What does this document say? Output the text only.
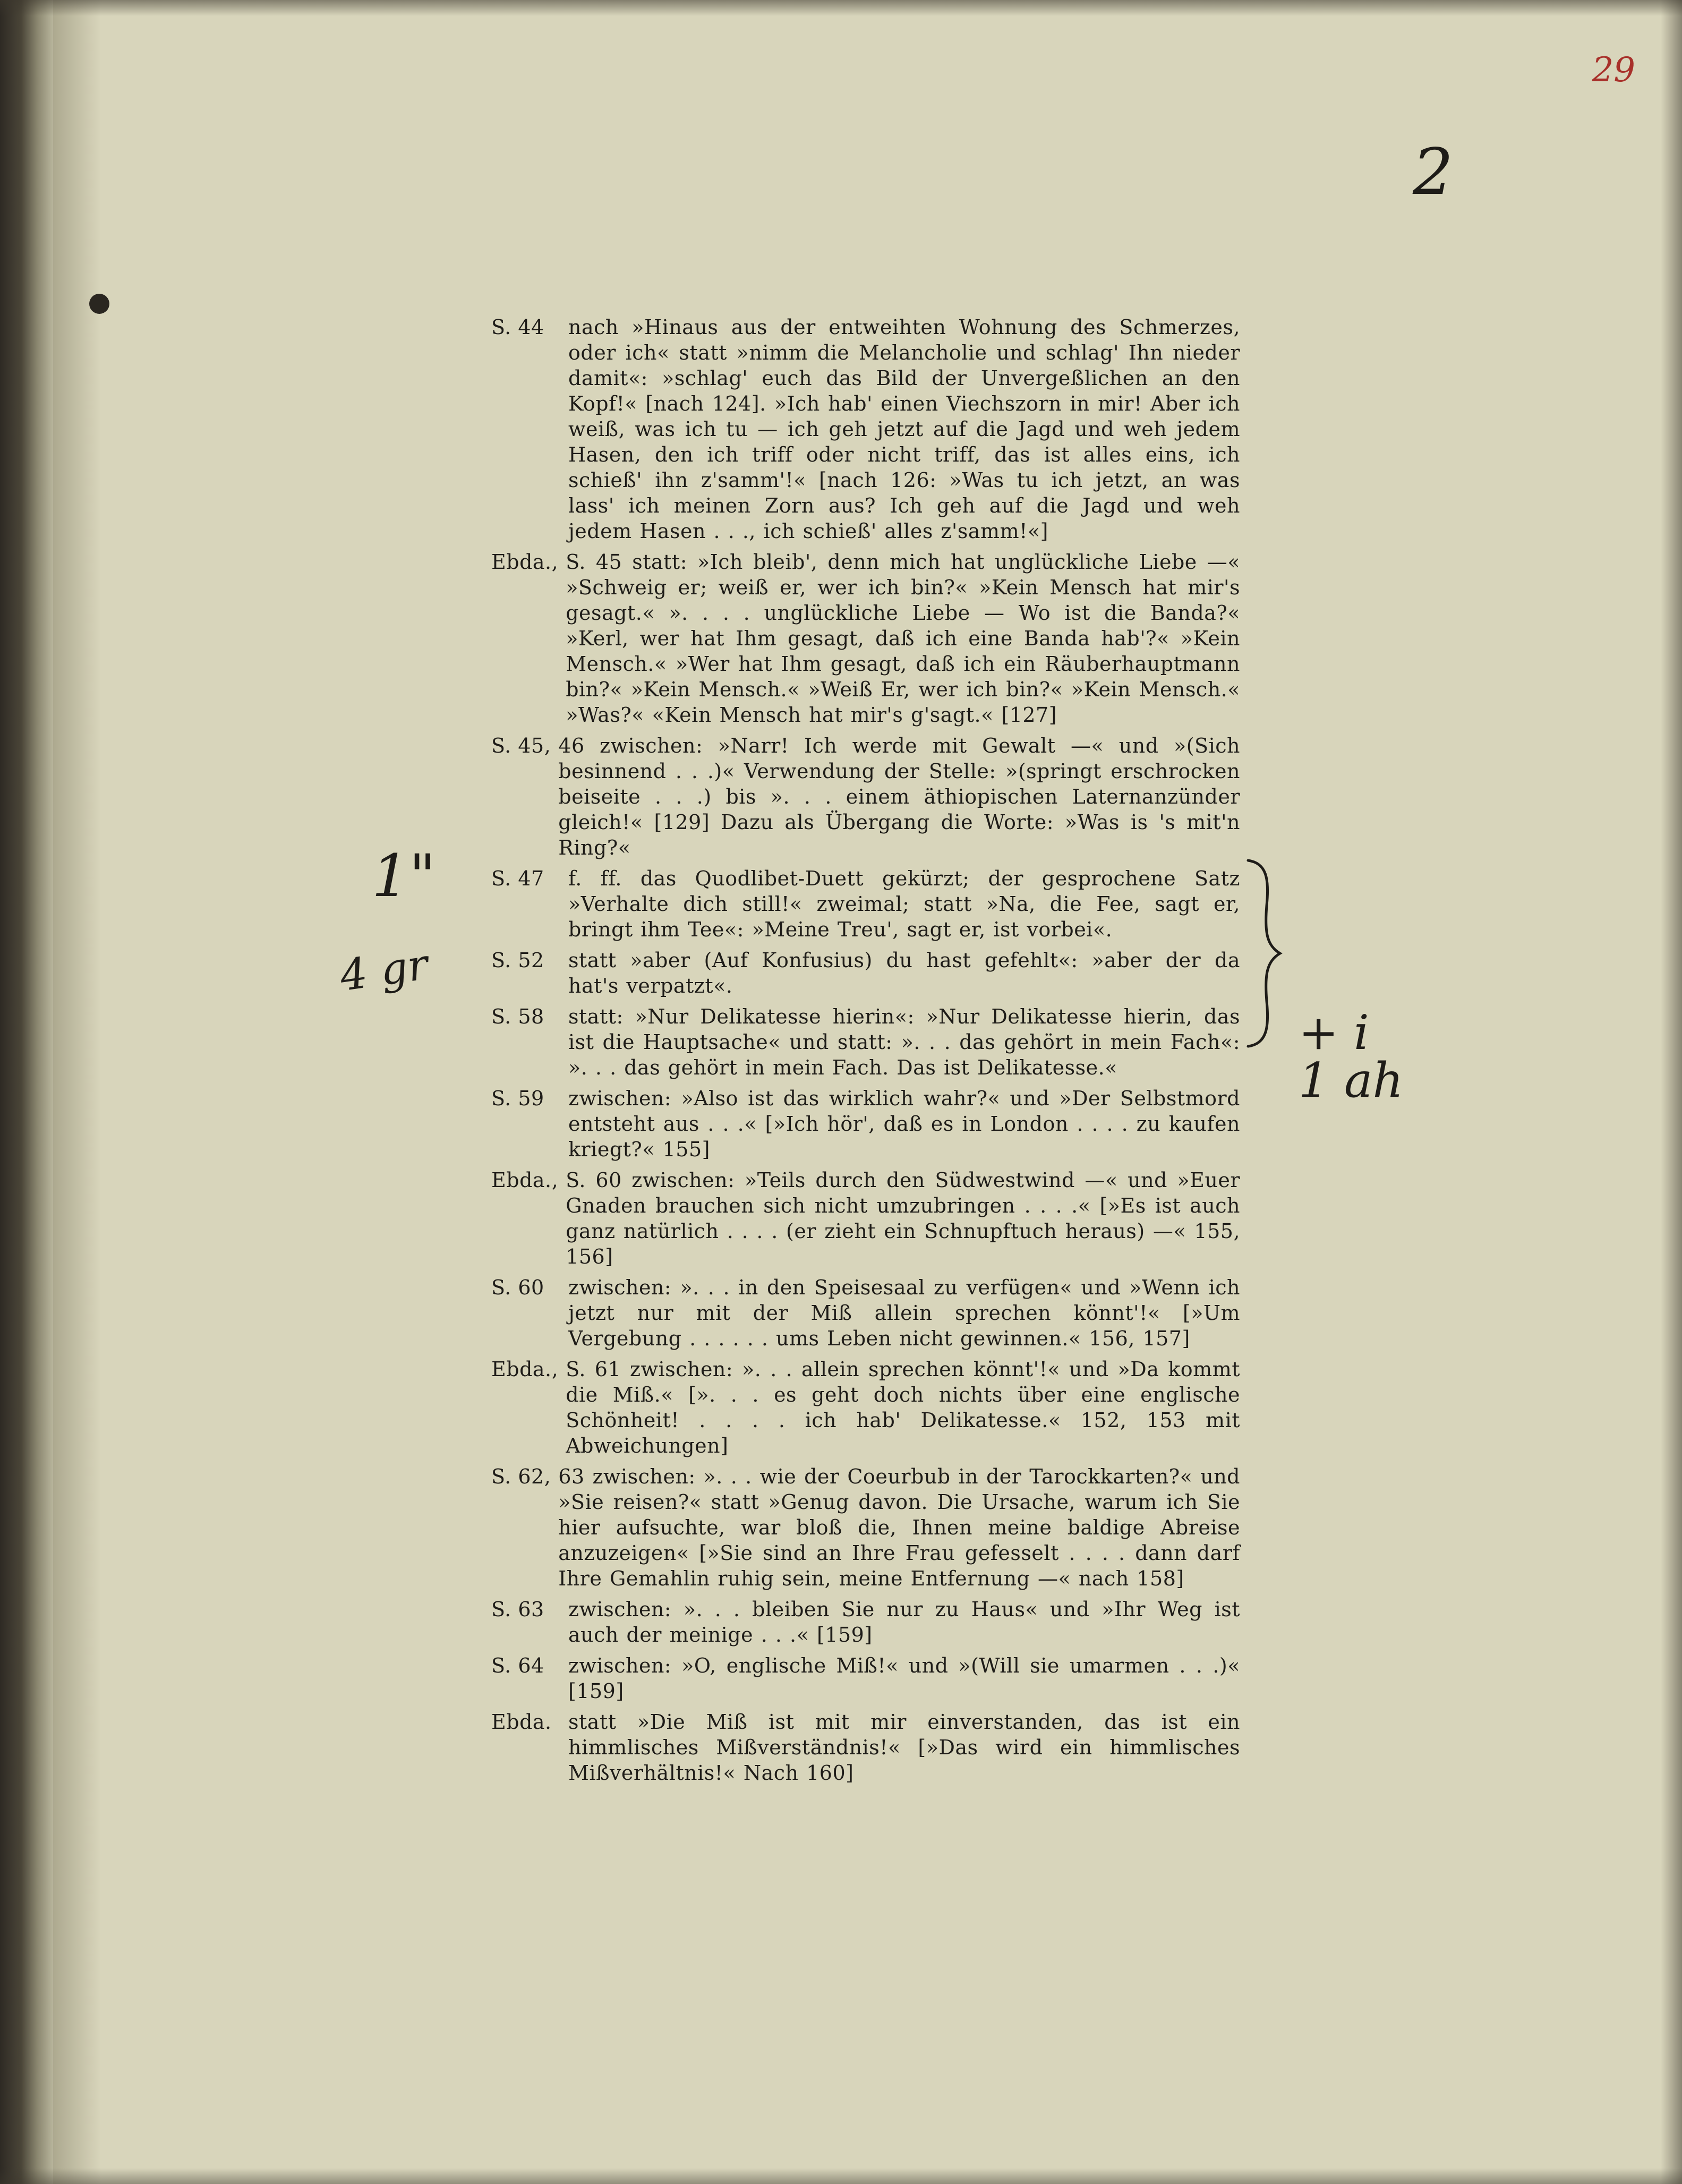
29
2
1"
4 gr
+ i
1 ah
S. 44	nach »Hinaus aus der entweihten Wohnung des Schmerzes, oder ich« statt »nimm die Melancholie und schlag' Ihn nieder damit«: »schlag' euch das Bild der Unvergeßlichen an den Kopf!« [nach 124]. »Ich hab' einen Viechszorn in mir! Aber ich weiß, was ich tu — ich geh jetzt auf die Jagd und weh jedem Hasen, den ich triff oder nicht triff, das ist alles eins, ich schieß' ihn z'samm'!« [nach 126: »Was tu ich jetzt, an was lass' ich meinen Zorn aus? Ich geh auf die Jagd und weh jedem Hasen . . ., ich schieß' alles z'samm!«]
Ebda., S. 45 statt: »Ich bleib', denn mich hat unglückliche Liebe —« »Schweig er; weiß er, wer ich bin?« »Kein Mensch hat mir's gesagt.« ». . . . unglückliche Liebe — Wo ist die Banda?« »Kerl, wer hat Ihm gesagt, daß ich eine Banda hab'?« »Kein Mensch.« »Wer hat Ihm gesagt, daß ich ein Räuberhauptmann bin?« »Kein Mensch.« »Weiß Er, wer ich bin?« »Kein Mensch.« »Was?« «Kein Mensch hat mir's g'sagt.« [127]
S. 45, 46 zwischen: »Narr! Ich werde mit Gewalt —« und »(Sich besinnend . . .)« Verwendung der Stelle: »(springt erschrocken beiseite . . .) bis ». . . einem äthiopischen Laternanzünder gleich!« [129] Dazu als Übergang die Worte: »Was is 's mit'n Ring?«
S. 47	f. ff. das Quodlibet-Duett gekürzt; der gesprochene Satz »Verhalte dich still!« zweimal; statt »Na, die Fee, sagt er, bringt ihm Tee«: »Meine Treu', sagt er, ist vorbei«.
S. 52	statt »aber (Auf Konfusius) du hast gefehlt«: »aber der da hat's verpatzt«.
S. 58	statt: »Nur Delikatesse hierin«: »Nur Delikatesse hierin, das ist die Hauptsache« und statt: ». . . das gehört in mein Fach«: ». . . das gehört in mein Fach. Das ist Delikatesse.«
S. 59	zwischen: »Also ist das wirklich wahr?« und »Der Selbstmord entsteht aus . . .« [»Ich hör', daß es in London . . . . zu kaufen kriegt?« 155]
Ebda., S. 60 zwischen: »Teils durch den Südwestwind —« und »Euer Gnaden brauchen sich nicht umzubringen . . . .« [»Es ist auch ganz natürlich . . . . (er zieht ein Schnupftuch heraus) —« 155, 156]
S. 60	zwischen: ». . . in den Speisesaal zu verfügen« und »Wenn ich jetzt nur mit der Miß allein sprechen könnt'!« [»Um Vergebung . . . . . . ums Leben nicht gewinnen.« 156, 157]
Ebda., S. 61 zwischen: ». . . allein sprechen könnt'!« und »Da kommt die Miß.« [». . . es geht doch nichts über eine englische Schönheit! . . . . ich hab' Delikatesse.« 152, 153 mit Abweichungen]
S. 62, 63 zwischen: ». . . wie der Coeurbub in der Tarockkarten?« und »Sie reisen?« statt »Genug davon. Die Ursache, warum ich Sie hier aufsuchte, war bloß die, Ihnen meine baldige Abreise anzuzeigen« [»Sie sind an Ihre Frau gefesselt . . . . dann darf Ihre Gemahlin ruhig sein, meine Entfernung —« nach 158]
S. 63	zwischen: ». . . bleiben Sie nur zu Haus« und »Ihr Weg ist auch der meinige . . .« [159]
S. 64	zwischen: »O, englische Miß!« und »(Will sie umarmen . . .)« [159]
Ebda. statt »Die Miß ist mit mir einverstanden, das ist ein himmlisches Mißverständnis!« [»Das wird ein himmlisches Mißverhältnis!« Nach 160]
